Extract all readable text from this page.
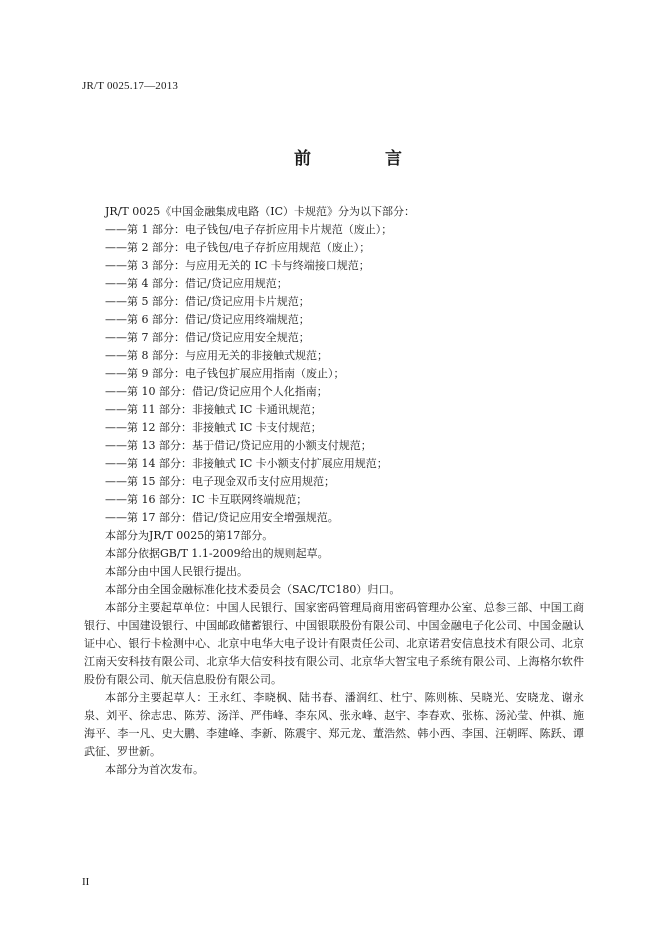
JR/T 0025.17—2013
前 言
JR/T 0025《中国金融集成电路（IC）卡规范》分为以下部分：
——第 1 部分：电子钱包/电子存折应用卡片规范（废止）；
——第 2 部分：电子钱包/电子存折应用规范（废止）；
——第 3 部分：与应用无关的 IC 卡与终端接口规范；
——第 4 部分：借记/贷记应用规范；
——第 5 部分：借记/贷记应用卡片规范；
——第 6 部分：借记/贷记应用终端规范；
——第 7 部分：借记/贷记应用安全规范；
——第 8 部分：与应用无关的非接触式规范；
——第 9 部分：电子钱包扩展应用指南（废止）；
——第 10 部分：借记/贷记应用个人化指南；
——第 11 部分：非接触式 IC 卡通讯规范；
——第 12 部分：非接触式 IC 卡支付规范；
——第 13 部分：基于借记/贷记应用的小额支付规范；
——第 14 部分：非接触式 IC 卡小额支付扩展应用规范；
——第 15 部分：电子现金双币支付应用规范；
——第 16 部分：IC 卡互联网终端规范；
——第 17 部分：借记/贷记应用安全增强规范。
本部分为JR/T 0025的第17部分。
本部分依据GB/T 1.1-2009给出的规则起草。
本部分由中国人民银行提出。
本部分由全国金融标准化技术委员会（SAC/TC180）归口。
本部分主要起草单位：中国人民银行、国家密码管理局商用密码管理办公室、总参三部、中国工商银行、中国建设银行、中国邮政储蓄银行、中国银联股份有限公司、中国金融电子化公司、中国金融认证中心、银行卡检测中心、北京中电华大电子设计有限责任公司、北京诺君安信息技术有限公司、北京江南天安科技有限公司、北京华大信安科技有限公司、北京华大智宝电子系统有限公司、上海格尔软件股份有限公司、航天信息股份有限公司。
本部分主要起草人：王永红、李晓枫、陆书春、潘润红、杜宁、陈则栋、吴晓光、安晓龙、谢永泉、刘平、徐志忠、陈芳、汤洋、严伟峰、李东风、张永峰、赵宇、李春欢、张栋、汤沁莹、仲祺、施海平、李一凡、史大鹏、李建峰、李新、陈震宇、郑元龙、董浩然、韩小西、李国、汪朝晖、陈跃、谭武征、罗世新。
本部分为首次发布。
II
